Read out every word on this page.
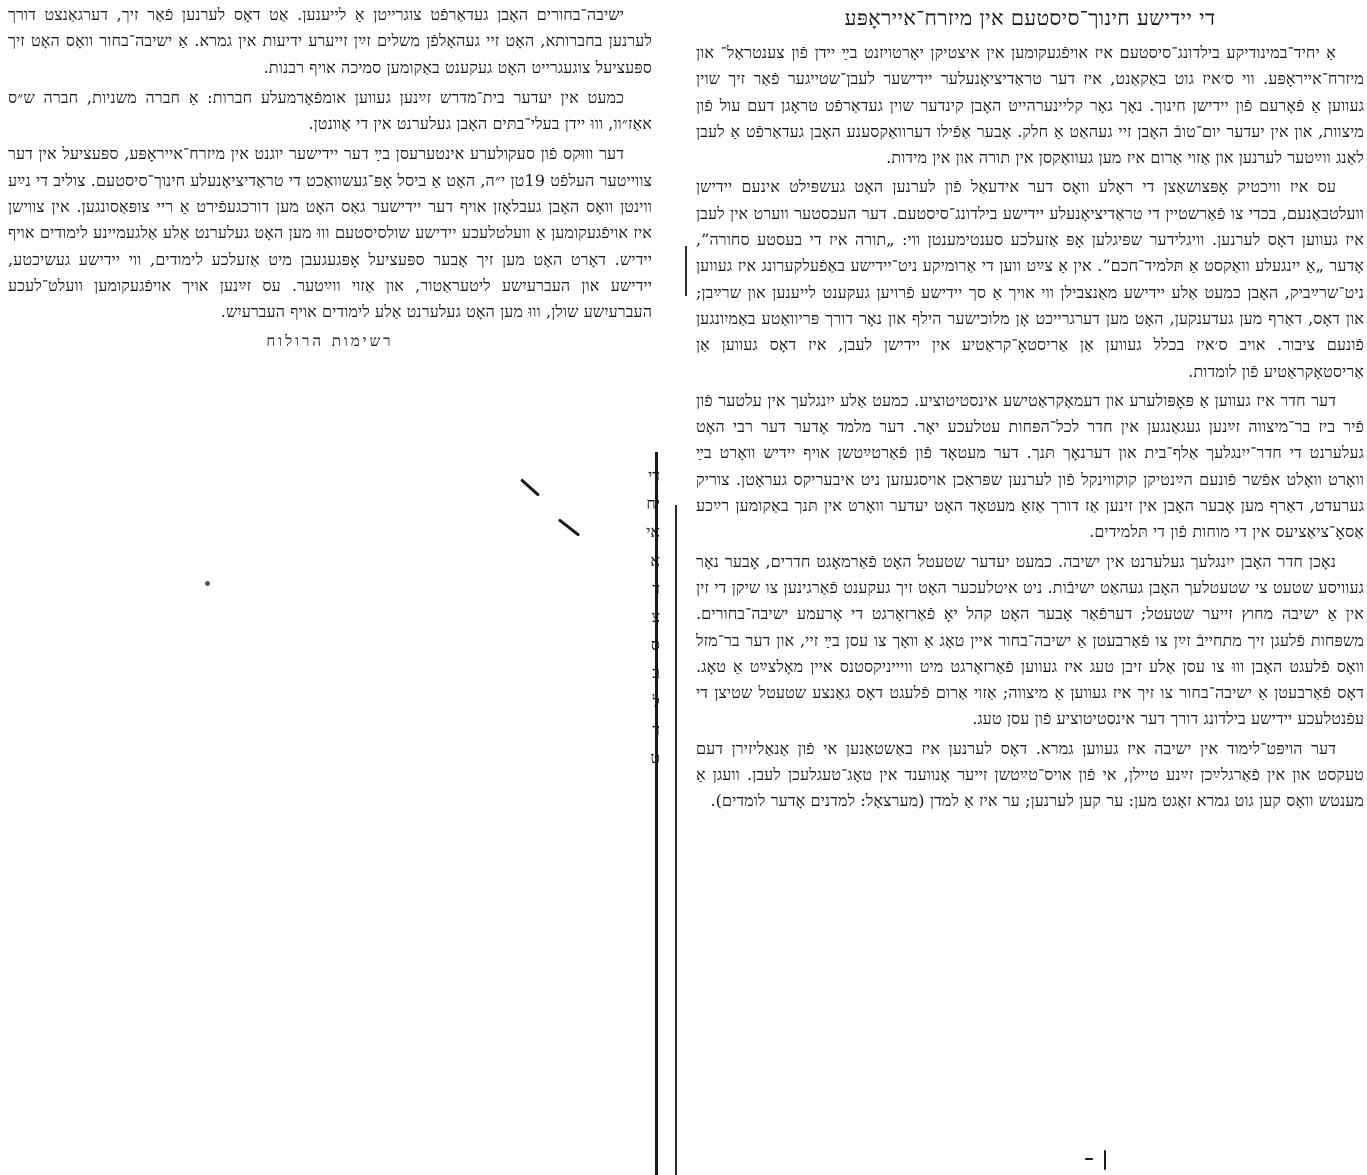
די יידישע חינוך־סיסטעם אין מיזרח־אייראָפּע

אַ יחיד־במינודיקע בילדונג־סיסטעם איז אויפֿגעקומען אין איצטיקן יאָרטויזנט בײַ יידן פֿון צענטראַל־ און מיזרח־אייראָפּע. ווי ס׳איז גוט באַקאַנט, איז דער טראַדיציאָנעלער יידישער לעבן־שטייגער פֿאַר זיך שוין געווען אַ פֿאָרעם פֿון יידישן חינוך. נאָך גאָר קליינערהייט האָבן קינדער שוין געדאַרפֿט טראָגן דעם עול פֿון מיצוות, און אין יעדער יום־טובֿ האָבן זיי געהאַט אַ חלק. אָבער אַפֿילו דערוואַקסענע האָבן געדאַרפֿט אַ לעבן לאַנג ווײַטער לערנען און אַזוי אַרום איז מען געוואַקסן אין תורה און אין מידות.

עס איז וויכטיק אָפּצושאַצן די ראָלע וואָס דער אידעאַל פֿון לערנען האָט געשפּילט אינעם יידישן וועלטבאַנעם, בכדי צו פֿאַרשטיין די טראַדיציאָנעלע יידישע בילדונג־סיסטעם. דער העכסטער ווערט אין לעבן איז געווען דאָס לערנען. וויגלידער שפּיגלען אָפּ אַזעלכע סענטימענטן ווי: „תורה איז די בעסטע סחורה”, אָדער „אַ ייִנגעלע וואַקסט אַ תּלמיד־חכם”. אין אַ צײַט ווען די אַרומיקע ניט־יידישע באַפֿעלקערונג איז געווען ניט־שרײַביק, האָבן כמעט אַלע יידישע מאַנצבילן ווי אויך אַ סך יידישע פֿרויען געקענט לייענען און שרײַבן; און דאָס, דאַרף מען געדענקען, האָט מען דערגרייכט אָן מלוכישער הילף און נאָר דורך פּריוואַטע באַמיִונגען פֿונעם ציבור. אויב ס׳איז בכלל געווען אַן אַריסטאָ־קראַטיע אין יידישן לעבן, איז דאָס געווען אַן אַריסטאָקראַטיע פֿון לומדות.

דער חדר איז געווען אַ פּאָפּולערע און דעמאָקראַטישע אינסטיטוציע. כמעט אַלע ייִנגלעך אין עלטער פֿון פֿיר ביז בר־מיצווה זײַנען געגאַנגען אין חדר לכל־הפּחות עטלעכע יאָר. דער מלמד אָדער דער רבי האָט געלערנט די חדר־ייִנגלעך אַלף־בית און דערנאָך תּנך. דער מעטאָד פֿון פֿאַרטײַטשן אויף יידיש וואָרט בײַ וואָרט וואָלט אפֿשר פֿונעם הײַנטיקן קוקווינקל פֿון לערנען שפּראַכן אויסגעזען ניט איבעריקס געראָטן. צוריק גערעדט, דאַרף מען אָבער האָבן אין זינען אַז דורך אַזאַ מעטאָד האָט יעדער וואָרט אין תּנך באַקומען רײַכע אַסאָ־ציאַציעס אין די מוחות פֿון די תּלמידים.

נאָכן חדר האָבן ייִנגלעך געלערנט אין ישיבה. כמעט יעדער שטעטל האָט פֿאַרמאָגט חדרים, אָבער נאָר געוויסע שטעט צי שטעטלעך האָבן געהאַט ישיבֿות. ניט איטלעכער האָט זיך געקענט פֿאַרגינען צו שיקן די זין אין אַ ישיבה מחוץ זייער שטעטל; דערפֿאַר אָבער האָט קהל יאָ פֿאַרזאָרגט די אָרעמע ישיבה־בחורים. משפּחות פֿלעגן זיך מתחייבֿ זײַן צו פֿאַרבעטן אַ ישיבה־בחור איין טאָג אַ וואָך צו עסן בײַ זיי, און דער בר־מזל וואָס פֿלעגט האָבן וווּ צו עסן אַלע זיבן טעג איז געווען פֿאַרזאָרגט מיט וויייניקסטנס איין מאָלצײַט אַ טאָג. דאָס פֿאַרבעטן אַ ישיבה־בחור צו זיך איז געווען אַ מיצווה; אַזוי אַרום פֿלעגט דאָס גאַנצע שטעטל שטיצן די עפֿנטלעכע יידישע בילדונג דורך דער אינסטיטוציע פֿון עסן טעג.

דער הויפּט־לימוד אין ישיבה איז געווען גמרא. דאָס לערנען איז באַשטאַנען אי פֿון אַנאַליזירן דעם טעקסט און אין פֿאַרגלײַכן זײַנע טיילן, אי פֿון אויס־טײַטשן זייער אָנווענד אין טאָג־טעגלעכן לעבן. וועגן אַ מענטש וואָס קען גוט גמרא זאָגט מען: ער קען לערנען; ער איז אַ למדן (מערצאָל: למדנים אָדער לומדים).

ישיבה־בחורים האָבן געדאַרפֿט צוגרייטן אַ לייענען. אַט דאָס לערנען פֿאַר זיך, דערגאַנצט דורך לערנען בחברותא, האָט זיי געהאָלפֿן משלים זײַן זייערע ידיעות אין גמרא. אַ ישיבה־בחור וואָס האָט זיך ספּעציעל צוגעגרייט האָט געקענט באַקומען סמיכה אויף רבנות.

כמעט אין יעדער בית־מדרש זײַנען געווען אומפֿאָרמעלע חברות: אַ חברה משניות, חברה ש״ס אאַז״וו, וווּ יידן בעלי־בתּים האָבן געלערנט אין די אָוונטן.

דער וווּקס פֿון סעקולערע אינטערעסן בײַ דער יידישער יוגנט אין מיזרח־אייראָפּע, ספּעציעל אין דער צווייטער העלפֿט 19טן י״ה, האָט אַ ביסל אָפּ־געשוואַכט די טראַדיציאָנעלע חינוך־סיסטעם. צוליב די נײַע ווינטן וואָס האָבן געבלאָזן אויף דער יידישער גאַס האָט מען דורכגעפֿירט אַ ריי צופּאַסונגען. אין צווישן איז אויפֿגעקומען אַ וועלטלעכע יידישע שולסיסטעם וווּ מען האָט געלערנט אַלע אַלגעמיינע לימודים אויף יידיש. דאָרט האָט מען זיך אָבער ספּעציעל אָפּגעגעבן מיט אַזעלכע לימודים, ווי יידישע געשיכטע, יידישע און העברעיִשע ליטעראַטור, און אַזוי ווײַטער. עס זײַנען אויך אויפֿגעקומען וועלט־לעכע העברעיִשע שולן, וווּ מען האָט געלערנט אַלע לימודים אויף העברעיִש.

רשימות הרולוח

די
יח
אי
א
ד
צ
ס
בֿ
ל
ד
ט
